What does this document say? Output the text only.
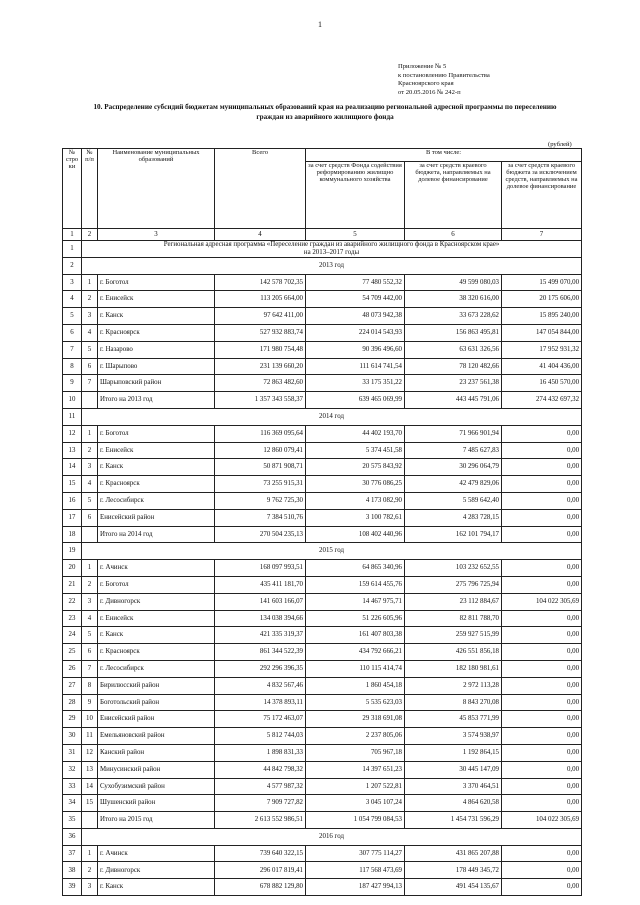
1
Приложение № 5
к постановлению Правительства
Красноярского края
от 20.05.2016 № 242-п
10. Распределение субсидий бюджетам муниципальных образований края на реализацию региональной адресной программы по переселению граждан из аварийного жилищного фонда
(рублей)
№ стро ки	№ п/п	Наименование муниципальных образований	Всего	В том числе:		
				за счет средств Фонда содействия реформированию жилищно коммунального хозяйства	за счет средств краевого бюджета, направляемых на долевое финансирование	за счет средств краевого бюджета за исключением средств, направляемых на долевое финансирование
1	2	3	4	5	6	7
1	Региональная адресная программа «Переселение граждан из аварийного жилищного фонда в Красноярском крае»
на 2013–2017 годы					

2	2013 год					
3	1	г. Боготол	142 578 702,35	77 480 552,32	49 599 080,03	15 499 070,00
4	2	г. Енисейск	113 205 664,00	54 709 442,00	38 320 616,00	20 175 606,00
5	3	г. Канск	97 642 411,00	48 073 942,38	33 673 228,62	15 895 240,00
6	4	г. Красноярск	527 932 883,74	224 014 543,93	156 863 495,81	147 054 844,00
7	5	г. Назарово	171 980 754,48	90 396 496,60	63 631 326,56	17 952 931,32
8	6	г. Шарыпово	231 139 660,20	111 614 741,54	78 120 482,66	41 404 436,00
9	7	Шарыповский район	72 863 482,60	33 175 351,22	23 237 561,38	16 450 570,00
10		Итого на 2013 год	1 357 343 558,37	639 465 069,99	443 445 791,06	274 432 697,32
11	2014 год					
12	1	г. Боготол	116 369 095,64	44 402 193,70	71 966 901,94	0,00
13	2	г. Енисейск	12 860 079,41	5 374 451,58	7 485 627,83	0,00
14	3	г. Канск	50 871 908,71	20 575 843,92	30 296 064,79	0,00
15	4	г. Красноярск	73 255 915,31	30 776 086,25	42 479 829,06	0,00
16	5	г. Лесосибирск	9 762 725,30	4 173 082,90	5 589 642,40	0,00
17	6	Енисейский район	7 384 510,76	3 100 782,61	4 283 728,15	0,00
18		Итого на 2014 год	270 504 235,13	108 402 440,96	162 101 794,17	0,00
19	2015 год					
20	1	г. Ачинск	168 097 993,51	64 865 340,96	103 232 652,55	0,00
21	2	г. Боготол	435 411 181,70	159 614 455,76	275 796 725,94	0,00
22	3	г. Дивногорск	141 603 166,07	14 467 975,71	23 112 884,67	104 022 305,69
23	4	г. Енисейск	134 038 394,66	51 226 605,96	82 811 788,70	0,00
24	5	г. Канск	421 335 319,37	161 407 803,38	259 927 515,99	0,00
25	6	г. Красноярск	861 344 522,39	434 792 666,21	426 551 856,18	0,00
26	7	г. Лесосибирск	292 296 396,35	110 115 414,74	182 180 981,61	0,00
27	8	Бирилюсский район	4 832 567,46	1 860 454,18	2 972 113,28	0,00
28	9	Боготольский район	14 378 893,11	5 535 623,03	8 843 270,08	0,00
29	10	Енисейский район	75 172 463,07	29 318 691,08	45 853 771,99	0,00
30	11	Емельяновский район	5 812 744,03	2 237 805,06	3 574 938,97	0,00
31	12	Канский район	1 898 831,33	705 967,18	1 192 864,15	0,00
32	13	Минусинский район	44 842 798,32	14 397 651,23	30 445 147,09	0,00
33	14	Сухобузимский район	4 577 987,32	1 207 522,81	3 370 464,51	0,00
34	15	Шушенский район	7 909 727,82	3 045 107,24	4 864 620,58	0,00
35		Итого на 2015 год	2 613 552 986,51	1 054 799 084,53	1 454 731 596,29	104 022 305,69
36	2016 год					
37	1	г. Ачинск	739 640 322,15	307 775 114,27	431 865 207,88	0,00
38	2	г. Дивногорск	296 017 819,41	117 568 473,69	178 449 345,72	0,00
39	3	г. Канск	678 882 129,80	187 427 994,13	491 454 135,67	0,00
